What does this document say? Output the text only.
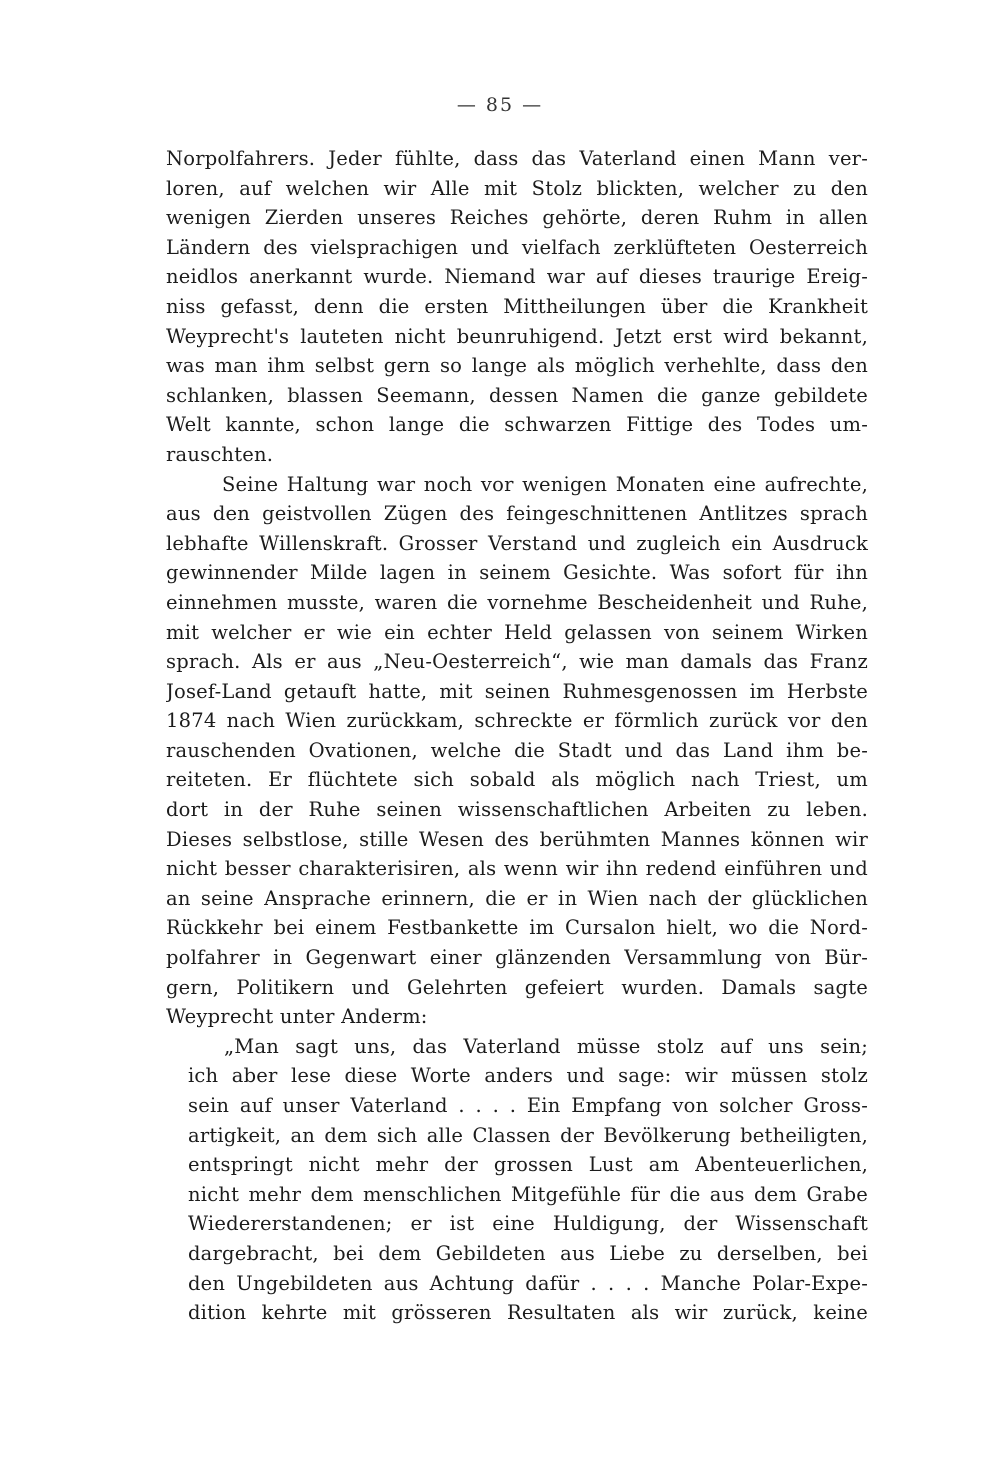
— 85 —
Norpolfahrers. Jeder fühlte, dass das Vaterland einen Mann ver-
loren, auf welchen wir Alle mit Stolz blickten, welcher zu den
wenigen Zierden unseres Reiches gehörte, deren Ruhm in allen
Ländern des vielsprachigen und vielfach zerklüfteten Oesterreich
neidlos anerkannt wurde. Niemand war auf dieses traurige Ereig-
niss gefasst, denn die ersten Mittheilungen über die Krankheit
Weyprecht's lauteten nicht beunruhigend. Jetzt erst wird bekannt,
was man ihm selbst gern so lange als möglich verhehlte, dass den
schlanken, blassen Seemann, dessen Namen die ganze gebildete
Welt kannte, schon lange die schwarzen Fittige des Todes um-
rauschten.
Seine Haltung war noch vor wenigen Monaten eine aufrechte,
aus den geistvollen Zügen des feingeschnittenen Antlitzes sprach
lebhafte Willenskraft. Grosser Verstand und zugleich ein Ausdruck
gewinnender Milde lagen in seinem Gesichte. Was sofort für ihn
einnehmen musste, waren die vornehme Bescheidenheit und Ruhe,
mit welcher er wie ein echter Held gelassen von seinem Wirken
sprach. Als er aus „Neu-Oesterreich“, wie man damals das Franz
Josef-Land getauft hatte, mit seinen Ruhmesgenossen im Herbste
1874 nach Wien zurückkam, schreckte er förmlich zurück vor den
rauschenden Ovationen, welche die Stadt und das Land ihm be-
reiteten. Er flüchtete sich sobald als möglich nach Triest, um
dort in der Ruhe seinen wissenschaftlichen Arbeiten zu leben.
Dieses selbstlose, stille Wesen des berühmten Mannes können wir
nicht besser charakterisiren, als wenn wir ihn redend einführen und
an seine Ansprache erinnern, die er in Wien nach der glücklichen
Rückkehr bei einem Festbankette im Cursalon hielt, wo die Nord-
polfahrer in Gegenwart einer glänzenden Versammlung von Bür-
gern, Politikern und Gelehrten gefeiert wurden. Damals sagte
Weyprecht unter Anderm:
„Man sagt uns, das Vaterland müsse stolz auf uns sein;
ich aber lese diese Worte anders und sage: wir müssen stolz
sein auf unser Vaterland . . . . Ein Empfang von solcher Gross-
artigkeit, an dem sich alle Classen der Bevölkerung betheiligten,
entspringt nicht mehr der grossen Lust am Abenteuerlichen,
nicht mehr dem menschlichen Mitgefühle für die aus dem Grabe
Wiedererstandenen; er ist eine Huldigung, der Wissenschaft
dargebracht, bei dem Gebildeten aus Liebe zu derselben, bei
den Ungebildeten aus Achtung dafür . . . . Manche Polar-Expe-
dition kehrte mit grösseren Resultaten als wir zurück, keine
